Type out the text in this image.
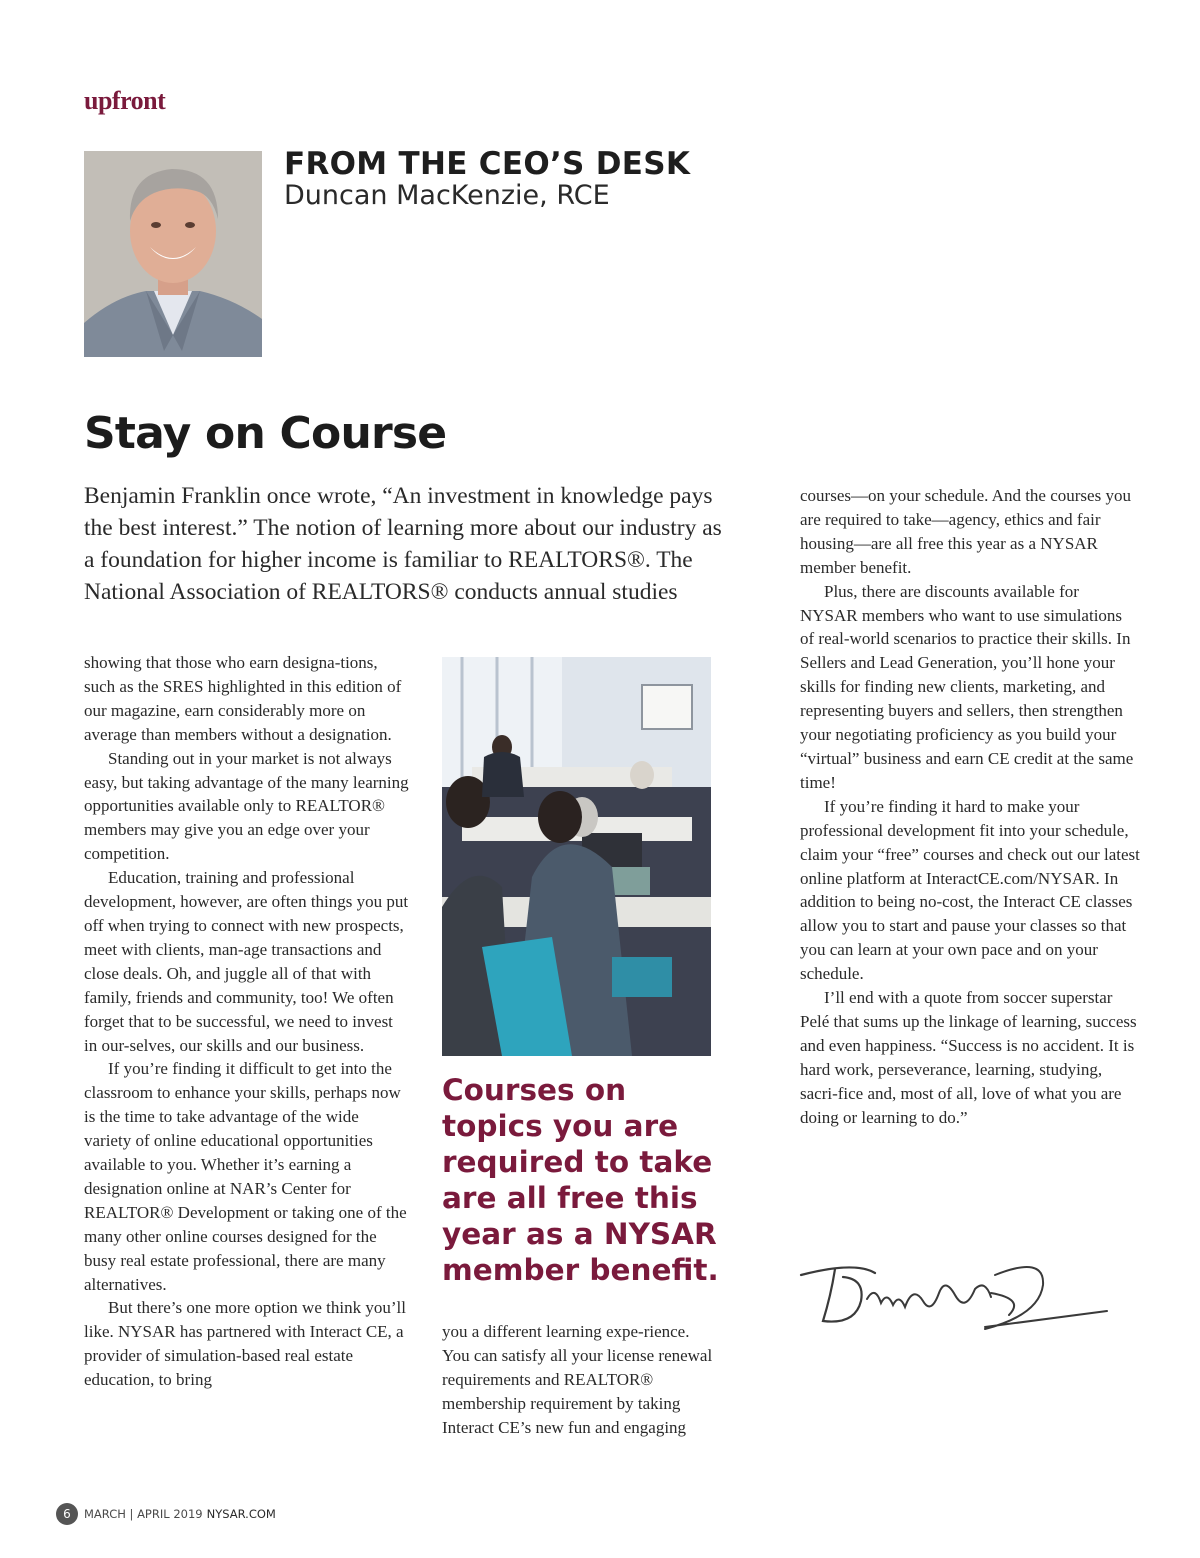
upfront
FROM THE CEO’S DESK
Duncan MacKenzie, RCE
Stay on Course
Benjamin Franklin once wrote, “An investment in knowledge pays the best interest.” The notion of learning more about our industry as a foundation for higher income is familiar to REALTORS®. The National Association of REALTORS® conducts annual studies

showing that those who earn designa-tions, such as the SRES highlighted in this edition of our magazine, earn considerably more on average than members without a designation.

Standing out in your market is not always easy, but taking advantage of the many learning opportunities available only to REALTOR® members may give you an edge over your competition.

Education, training and professional development, however, are often things you put off when trying to connect with new prospects, meet with clients, man-age transactions and close deals. Oh, and juggle all of that with family, friends and community, too! We often forget that to be successful, we need to invest in our-selves, our skills and our business.

If you’re finding it difficult to get into the classroom to enhance your skills, perhaps now is the time to take advantage of the wide variety of online educational opportunities available to you. Whether it’s earning a designation online at NAR’s Center for REALTOR® Development or taking one of the many other online courses designed for the busy real estate professional, there are many alternatives.

But there’s one more option we think you’ll like. NYSAR has partnered with Interact CE, a provider of simulation-based real estate education, to bring

Courses on topics you are required to take are all free this year as a NYSAR member benefit.

you a different learning expe-rience. You can satisfy all your license renewal requirements and REALTOR® membership requirement by taking Interact CE’s new fun and engaging

courses—on your schedule. And the courses you are required to take—agency, ethics and fair housing—are all free this year as a NYSAR member benefit.

Plus, there are discounts available for NYSAR members who want to use simulations of real-world scenarios to practice their skills. In Sellers and Lead Generation, you’ll hone your skills for finding new clients, marketing, and representing buyers and sellers, then strengthen your negotiating proficiency as you build your “virtual” business and earn CE credit at the same time!

If you’re finding it hard to make your professional development fit into your schedule, claim your “free” courses and check out our latest online platform at InteractCE.com/NYSAR. In addition to being no-cost, the Interact CE classes allow you to start and pause your classes so that you can learn at your own pace and on your schedule.

I’ll end with a quote from soccer superstar Pelé that sums up the linkage of learning, success and even happiness. “Success is no accident. It is hard work, perseverance, learning, studying, sacri-fice and, most of all, love of what you are doing or learning to do.”

6	MARCH | APRIL 2019 NYSAR.COM
